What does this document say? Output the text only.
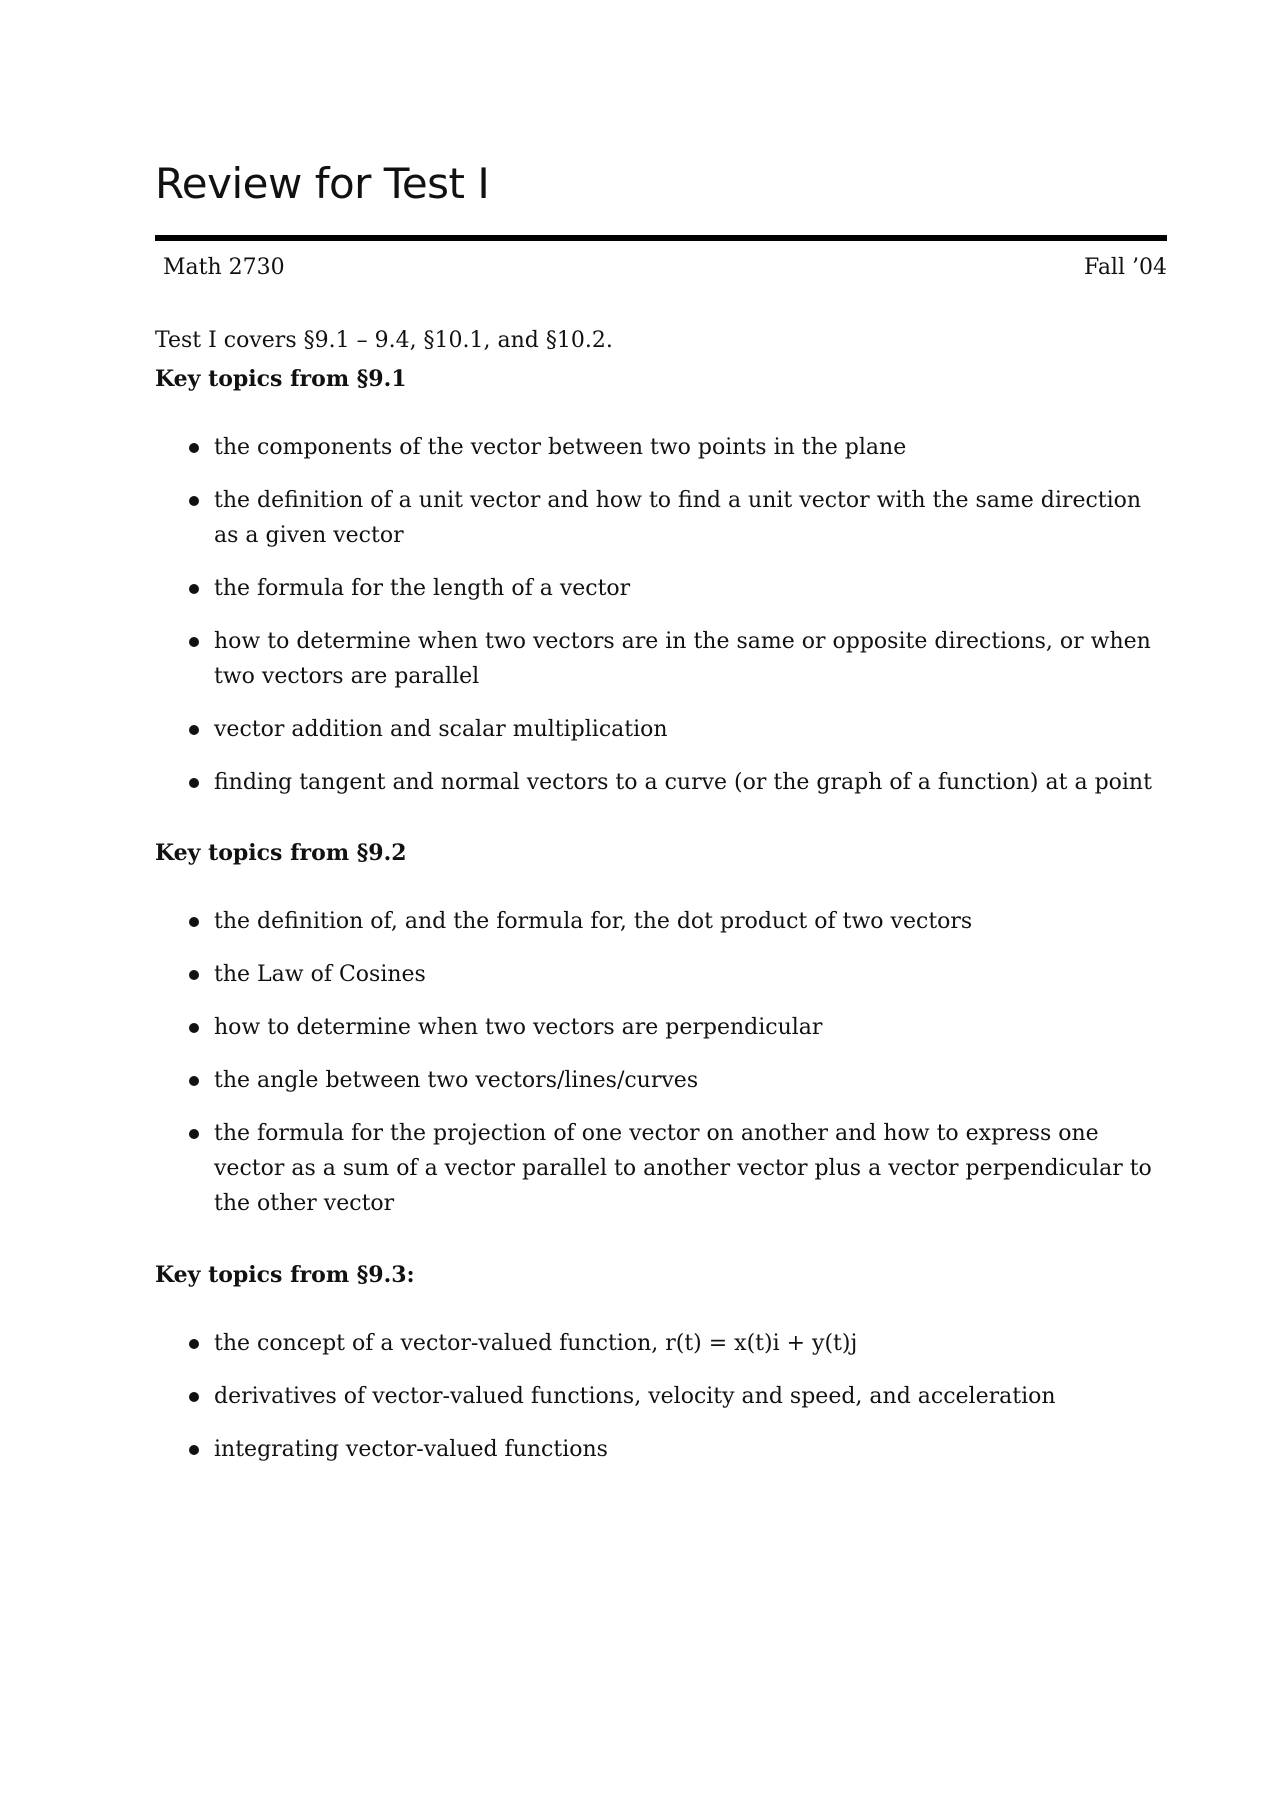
Review for Test I
Math 2730	Fall ’04
Test I covers §9.1 – 9.4, §10.1, and §10.2.
Key topics from §9.1
the components of the vector between two points in the plane
the definition of a unit vector and how to find a unit vector with the same direction as a given vector
the formula for the length of a vector
how to determine when two vectors are in the same or opposite directions, or when two vectors are parallel
vector addition and scalar multiplication
finding tangent and normal vectors to a curve (or the graph of a function) at a point
Key topics from §9.2
the definition of, and the formula for, the dot product of two vectors
the Law of Cosines
how to determine when two vectors are perpendicular
the angle between two vectors/lines/curves
the formula for the projection of one vector on another and how to express one vector as a sum of a vector parallel to another vector plus a vector perpendicular to the other vector
Key topics from §9.3:
the concept of a vector-valued function, r(t) = x(t)i + y(t)j
derivatives of vector-valued functions, velocity and speed, and acceleration
integrating vector-valued functions
